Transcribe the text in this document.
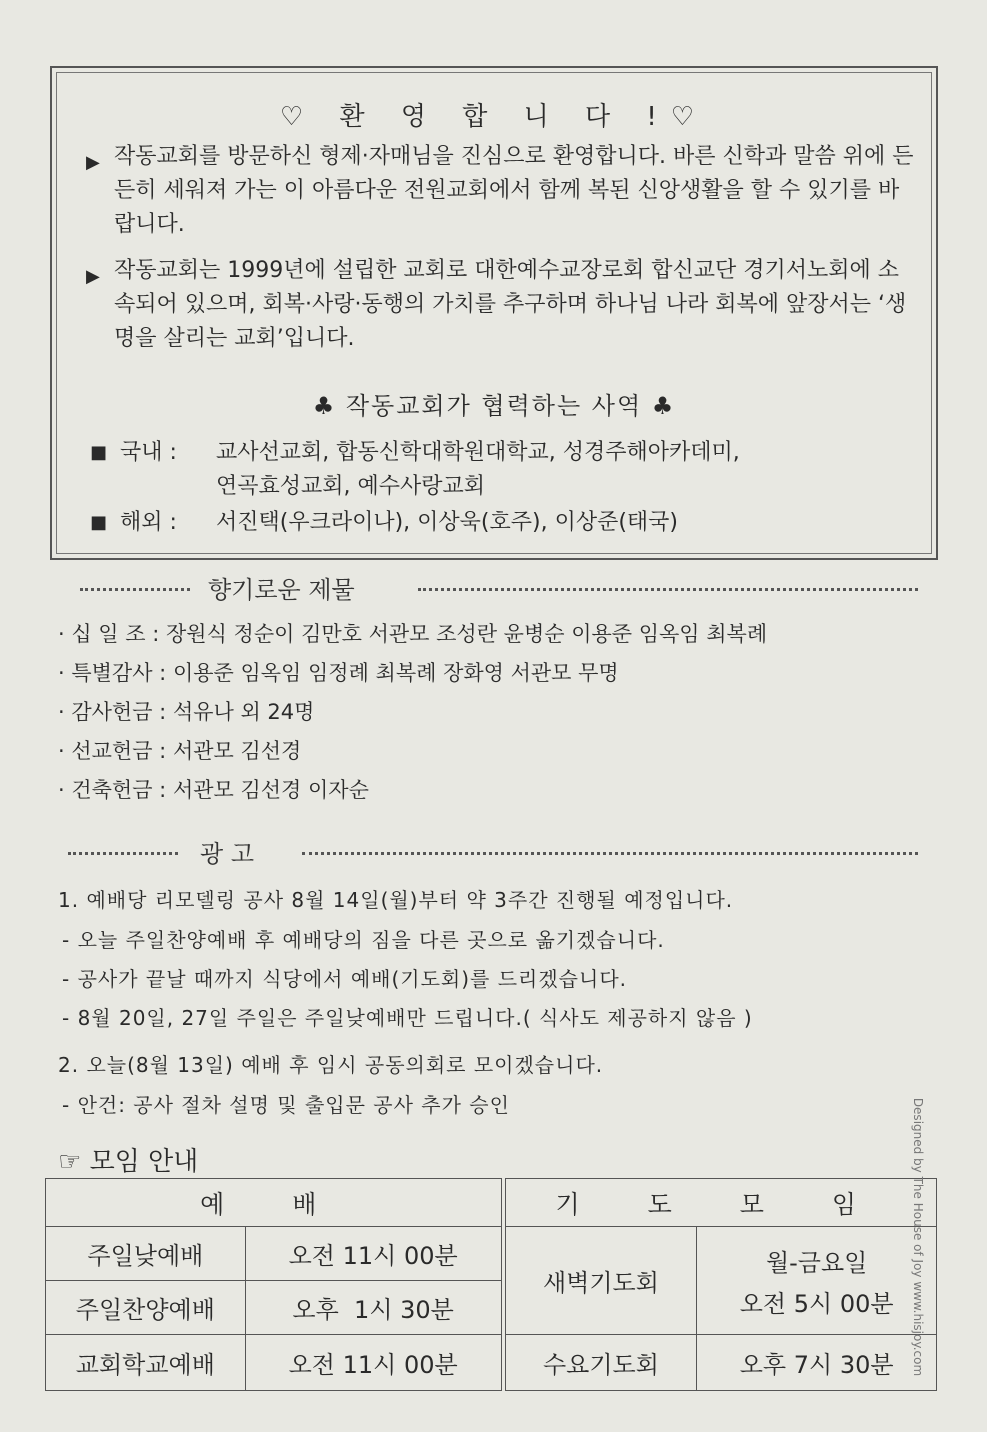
♡ 환 영 합 니 다 !♡
▶ 작동교회를 방문하신 형제·자매님을 진심으로 환영합니다. 바른 신학과 말씀 위에 든든히 세워져 가는 이 아름다운 전원교회에서 함께 복된 신앙생활을 할 수 있기를 바랍니다.
▶ 작동교회는 1999년에 설립한 교회로 대한예수교장로회 합신교단 경기서노회에 소속되어 있으며, 회복·사랑·동행의 가치를 추구하며 하나님 나라 회복에 앞장서는 ‘생명을 살리는 교회’입니다.
♣ 작동교회가 협력하는 사역 ♣
■ 국내 : 교사선교회, 합동신학대학원대학교, 성경주해아카데미,
연곡효성교회, 예수사랑교회
■ 해외 : 서진택(우크라이나), 이상욱(호주), 이상준(태국)
향기로운 제물
· 십 일 조 : 장원식 정순이 김만호 서관모 조성란 윤병순 이용준 임옥임 최복례
· 특별감사 : 이용준 임옥임 임정례 최복례 장화영 서관모 무명
· 감사헌금 : 석유나 외 24명
· 선교헌금 : 서관모 김선경
· 건축헌금 : 서관모 김선경 이자순
광 고
1. 예배당 리모델링 공사 8월 14일(월)부터 약 3주간 진행될 예정입니다.
- 오늘 주일찬양예배 후 예배당의 짐을 다른 곳으로 옮기겠습니다.
- 공사가 끝날 때까지 식당에서 예배(기도회)를 드리겠습니다.
- 8월 20일, 27일 주일은 주일낮예배만 드립니다.( 식사도 제공하지 않음 )
2. 오늘(8월 13일) 예배 후 임시 공동의회로 모이겠습니다.
- 안건: 공사 절차 설명 및 출입문 공사 추가 승인
☞ 모임 안내
예 배			기 도 모 임	
주일낮예배	오전 11시 00분		새벽기도회	월-금요일
오전 5시 00분

주일찬양예배	오후  1시 30분			
교회학교예배	오전 11시 00분		수요기도회	오후 7시 30분 Designed by The House of Joy www.hisjoy.com
